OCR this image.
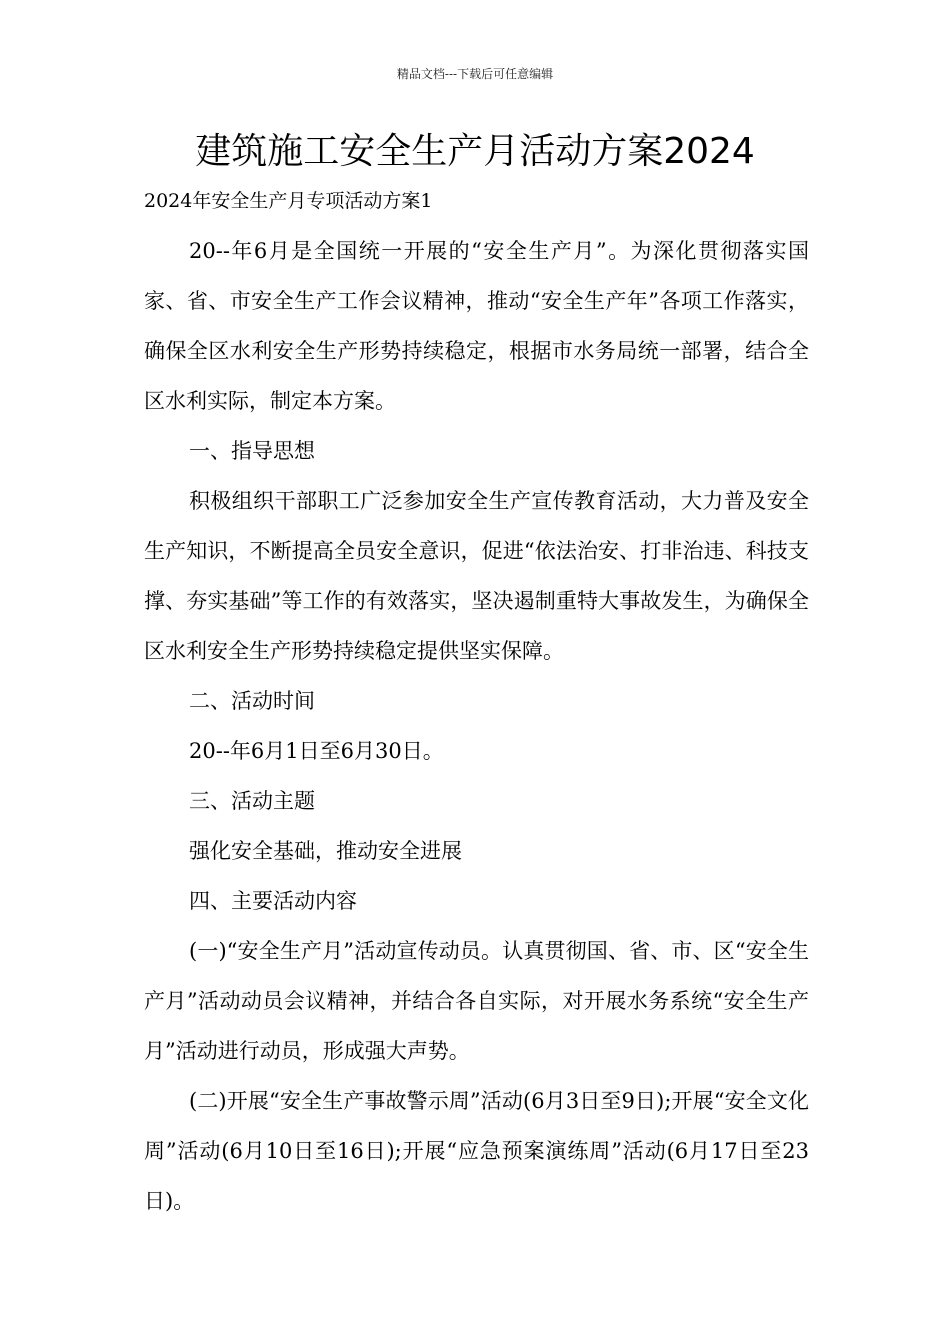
精品文档---下载后可任意编辑
建筑施工安全生产月活动方案2024

2024年安全生产月专项活动方案1

20--年6月是全国统一开展的“安全生产月”。为深化贯彻落实国家、省、市安全生产工作会议精神，推动“安全生产年”各项工作落实，确保全区水利安全生产形势持续稳定，根据市水务局统一部署，结合全区水利实际，制定本方案。

一、指导思想

积极组织干部职工广泛参加安全生产宣传教育活动，大力普及安全生产知识，不断提高全员安全意识，促进“依法治安、打非治违、科技支撑、夯实基础”等工作的有效落实，坚决遏制重特大事故发生，为确保全区水利安全生产形势持续稳定提供坚实保障。

二、活动时间

20--年6月1日至6月30日。

三、活动主题

强化安全基础，推动安全进展

四、主要活动内容

(一)“安全生产月”活动宣传动员。认真贯彻国、省、市、区“安全生产月”活动动员会议精神，并结合各自实际，对开展水务系统“安全生产月”活动进行动员，形成强大声势。

(二)开展“安全生产事故警示周”活动(6月3日至9日);开展“安全文化周”活动(6月10日至16日);开展“应急预案演练周”活动(6月17日至23日)。
